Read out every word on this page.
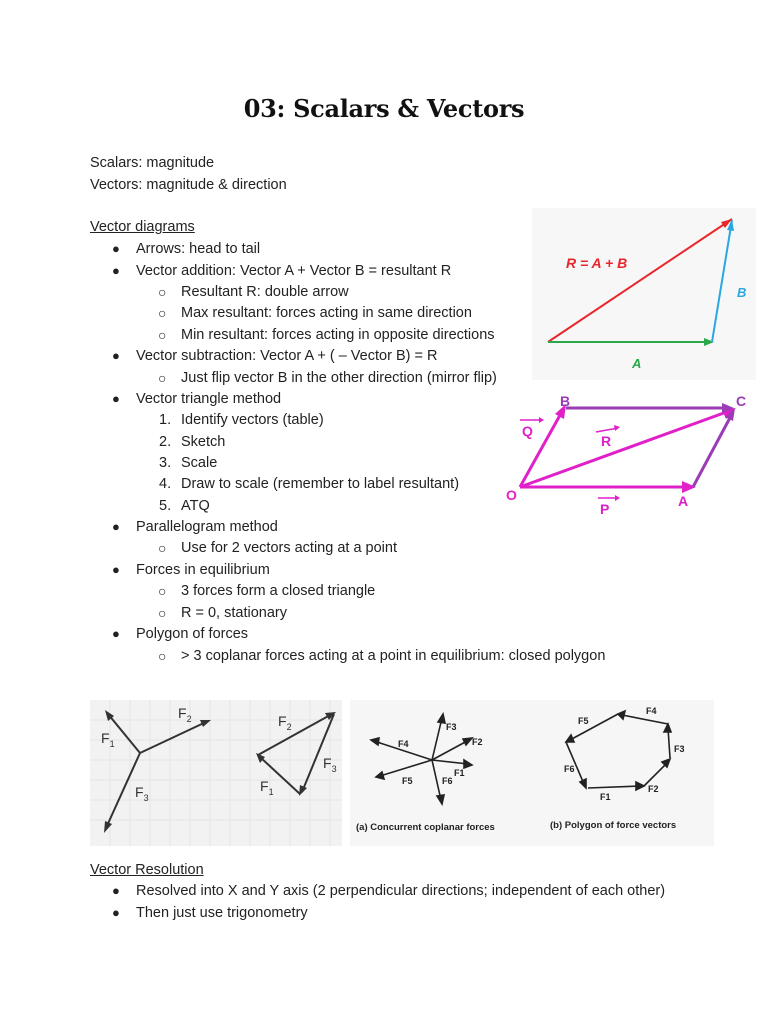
03: Scalars & Vectors
Scalars: magnitude
Vectors: magnitude & direction
Vector diagrams
● Arrows: head to tail
● Vector addition: Vector A + Vector B = resultant R
○ Resultant R: double arrow
○ Max resultant: forces acting in same direction
○ Min resultant: forces acting in opposite directions
● Vector subtraction: Vector A + ( – Vector B) = R
○ Just flip vector B in the other direction (mirror flip)
● Vector triangle method
1. Identify vectors (table)
2. Sketch
3. Scale
4. Draw to scale (remember to label resultant)
5. ATQ
● Parallelogram method
○ Use for 2 vectors acting at a point
● Forces in equilibrium
○ 3 forces form a closed triangle
○ R = 0, stationary
● Polygon of forces
○ > 3 coplanar forces acting at a point in equilibrium: closed polygon
R = A + B
A
B
O	A
B	C
P
Q
R
$F_1$
$F_2$
$F_3$
$F_2$
$F_3$
$F_1$
F4
F3
F2
F5	F6
F1
F5
F4
F3
F6
F1
F2
(a) Concurrent coplanar forces	(b) Polygon of force vectors
Vector Resolution
● Resolved into X and Y axis (2 perpendicular directions; independent of each other)
● Then just use trigonometry
